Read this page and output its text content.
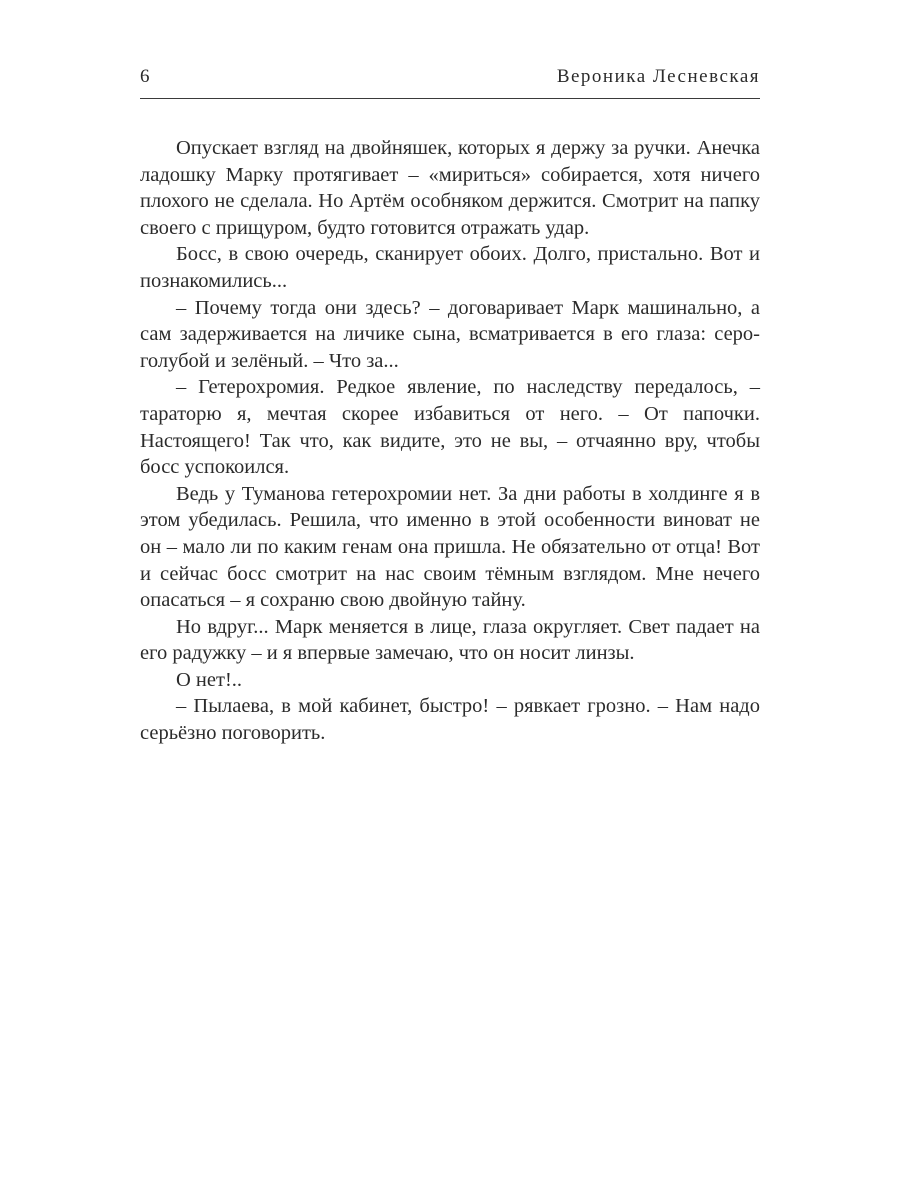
6	Вероника Лесневская

Опускает взгляд на двойняшек, которых я держу за ручки. Анечка ладошку Марку протягивает – «мириться» собирается, хотя ничего плохого не сделала. Но Артём особняком держится. Смотрит на папку своего с прищуром, будто готовится отражать удар.

Босс, в свою очередь, сканирует обоих. Долго, пристально. Вот и познакомились...

– Почему тогда они здесь? – договаривает Марк машинально, а сам задерживается на личике сына, всматривается в его глаза: серо-голубой и зелёный. – Что за...

– Гетерохромия. Редкое явление, по наследству передалось, – тараторю я, мечтая скорее избавиться от него. – От папочки. Настоящего! Так что, как видите, это не вы, – отчаянно вру, чтобы босс успокоился.

Ведь у Туманова гетерохромии нет. За дни работы в холдинге я в этом убедилась. Решила, что именно в этой особенности виноват не он – мало ли по каким генам она пришла. Не обязательно от отца! Вот и сейчас босс смотрит на нас своим тёмным взглядом. Мне нечего опасаться – я сохраню свою двойную тайну.

Но вдруг... Марк меняется в лице, глаза округляет. Свет падает на его радужку – и я впервые замечаю, что он носит линзы.

О нет!..

– Пылаева, в мой кабинет, быстро! – рявкает грозно. – Нам надо серьёзно поговорить.
